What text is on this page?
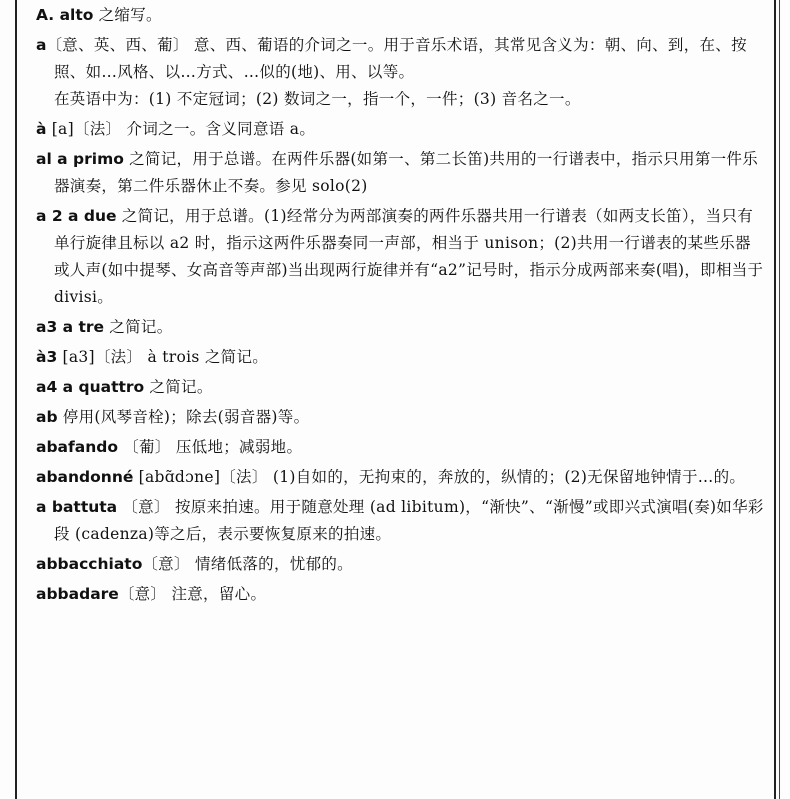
A. alto 之缩写。

a〔意、英、西、葡〕 意、西、葡语的介词之一。用于音乐术语，其常见含义为：朝、向、到，在、按照、如…风格、以…方式、…似的(地)、用、以等。

在英语中为：(1) 不定冠词；(2) 数词之一，指一个，一件；(3) 音名之一。

à [a]〔法〕 介词之一。含义同意语 a。

al a primo 之简记，用于总谱。在两件乐器(如第一、第二长笛)共用的一行谱表中，指示只用第一件乐器演奏，第二件乐器休止不奏。参见 solo(2)

a 2 a due 之简记，用于总谱。(1)经常分为两部演奏的两件乐器共用一行谱表（如两支长笛），当只有单行旋律且标以 a2 时，指示这两件乐器奏同一声部，相当于 unison；(2)共用一行谱表的某些乐器或人声(如中提琴、女高音等声部)当出现两行旋律并有“a2”记号时，指示分成两部来奏(唱)，即相当于 divisi。

a3 a tre 之简记。

à3 [a3]〔法〕 à trois 之简记。

a4 a quattro 之简记。

ab 停用(风琴音栓)；除去(弱音器)等。

abafando 〔葡〕 压低地；减弱地。

abandonné [abɑ̃dɔne]〔法〕 (1)自如的，无拘束的，奔放的，纵情的；(2)无保留地钟情于…的。

a battuta 〔意〕 按原来拍速。用于随意处理 (ad libitum)，“渐快”、“渐慢”或即兴式演唱(奏)如华彩段 (cadenza)等之后，表示要恢复原来的拍速。

abbacchiato〔意〕 情绪低落的，忧郁的。

abbadare〔意〕 注意，留心。
